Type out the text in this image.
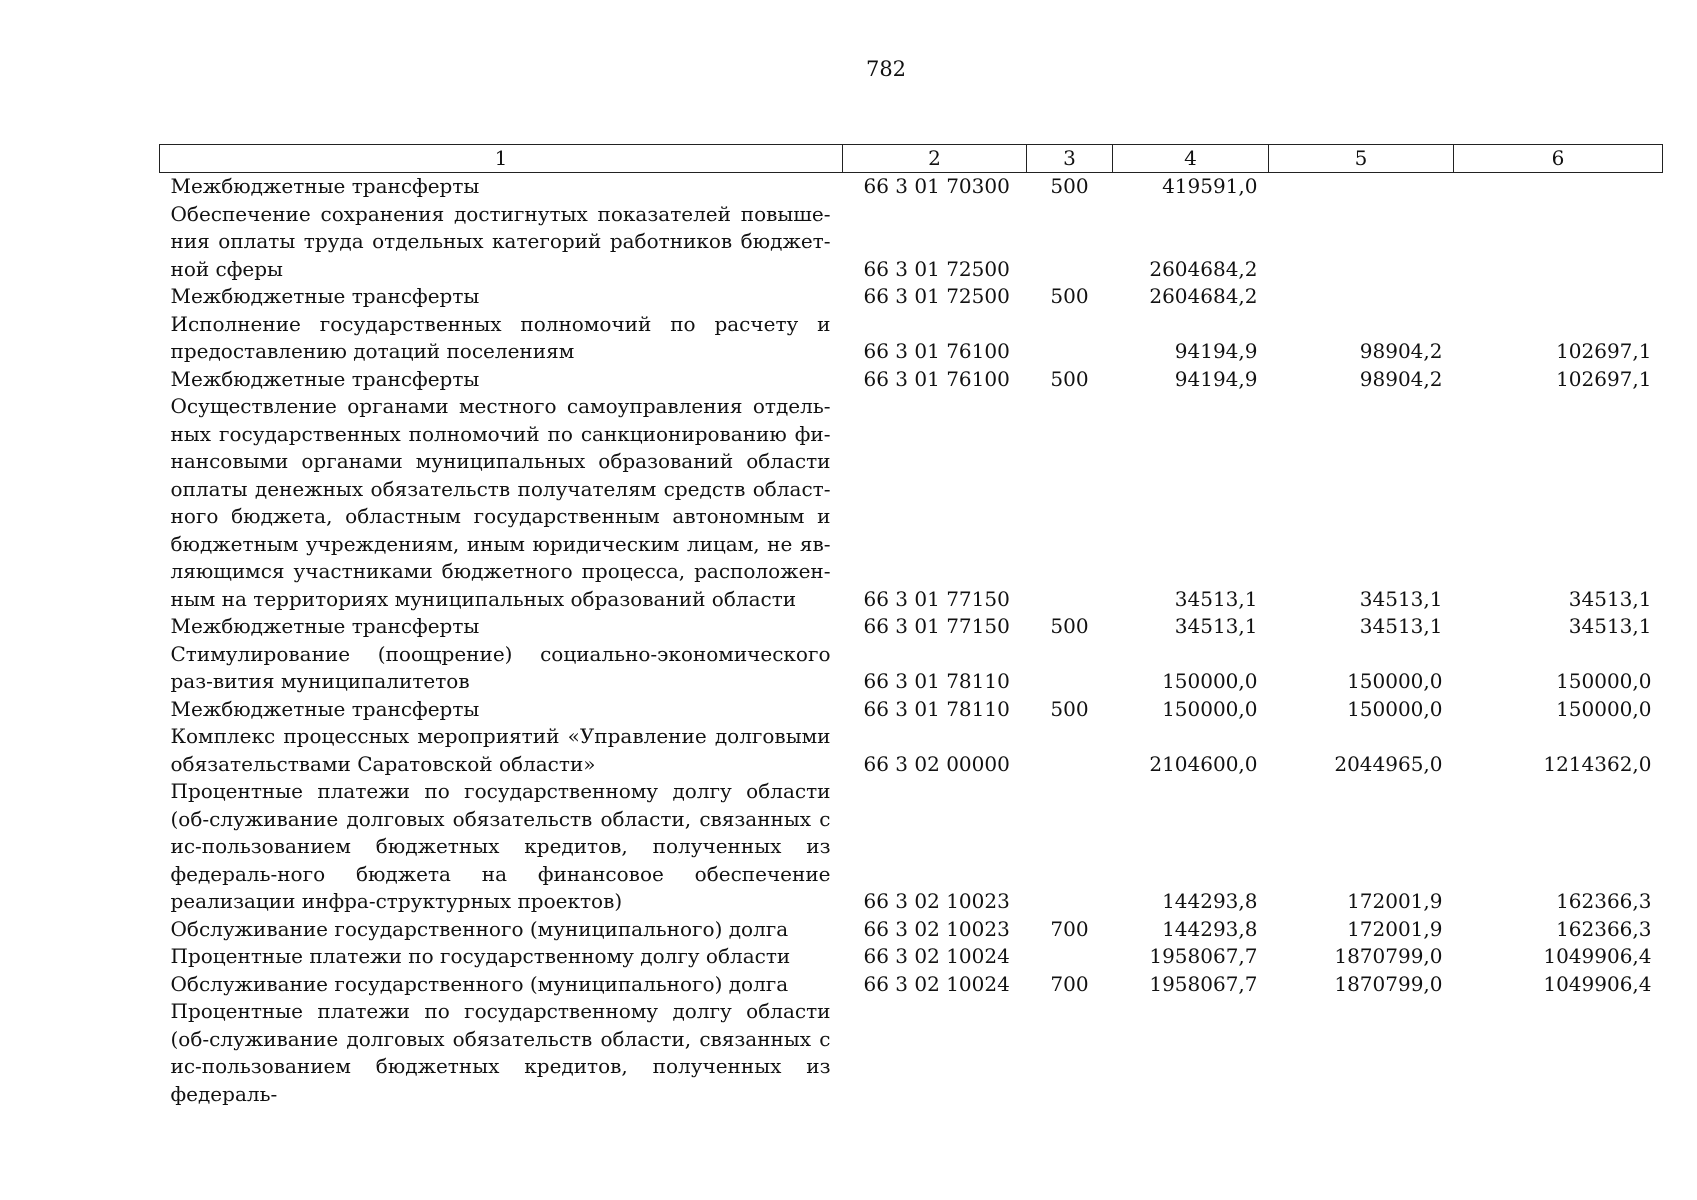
782
1	2	3	4	5	6
Межбюджетные трансферты	66 3 01 70300	500	419591,0		
Обеспечение сохранения достигнутых показателей повыше-ния оплаты труда отдельных категорий работников бюджет-ной сферы	66 3 01 72500		2604684,2		
Межбюджетные трансферты	66 3 01 72500	500	2604684,2		
Исполнение государственных полномочий по расчету и предоставлению дотаций поселениям	66 3 01 76100		94194,9	98904,2	102697,1
Межбюджетные трансферты	66 3 01 76100	500	94194,9	98904,2	102697,1
Осуществление органами местного самоуправления отдель-ных государственных полномочий по санкционированию фи-нансовыми органами муниципальных образований области оплаты денежных обязательств получателям средств област-ного бюджета, областным государственным автономным и бюджетным учреждениям, иным юридическим лицам, не яв-ляющимся участниками бюджетного процесса, расположен-ным на территориях муниципальных образований области	66 3 01 77150		34513,1	34513,1	34513,1
Межбюджетные трансферты	66 3 01 77150	500	34513,1	34513,1	34513,1
Стимулирование (поощрение) социально-экономического раз-вития муниципалитетов	66 3 01 78110		150000,0	150000,0	150000,0
Межбюджетные трансферты	66 3 01 78110	500	150000,0	150000,0	150000,0
Комплекс процессных мероприятий «Управление долговыми обязательствами Саратовской области»	66 3 02 00000		2104600,0	2044965,0	1214362,0
Процентные платежи по государственному долгу области (об-служивание долговых обязательств области, связанных с ис-пользованием бюджетных кредитов, полученных из федераль-ного бюджета на финансовое обеспечение реализации инфра-структурных проектов)	66 3 02 10023		144293,8	172001,9	162366,3
Обслуживание государственного (муниципального) долга	66 3 02 10023	700	144293,8	172001,9	162366,3
Процентные платежи по государственному долгу области	66 3 02 10024		1958067,7	1870799,0	1049906,4
Обслуживание государственного (муниципального) долга	66 3 02 10024	700	1958067,7	1870799,0	1049906,4
Процентные платежи по государственному долгу области (об-служивание долговых обязательств области, связанных с ис-пользованием бюджетных кредитов, полученных из федераль-					
